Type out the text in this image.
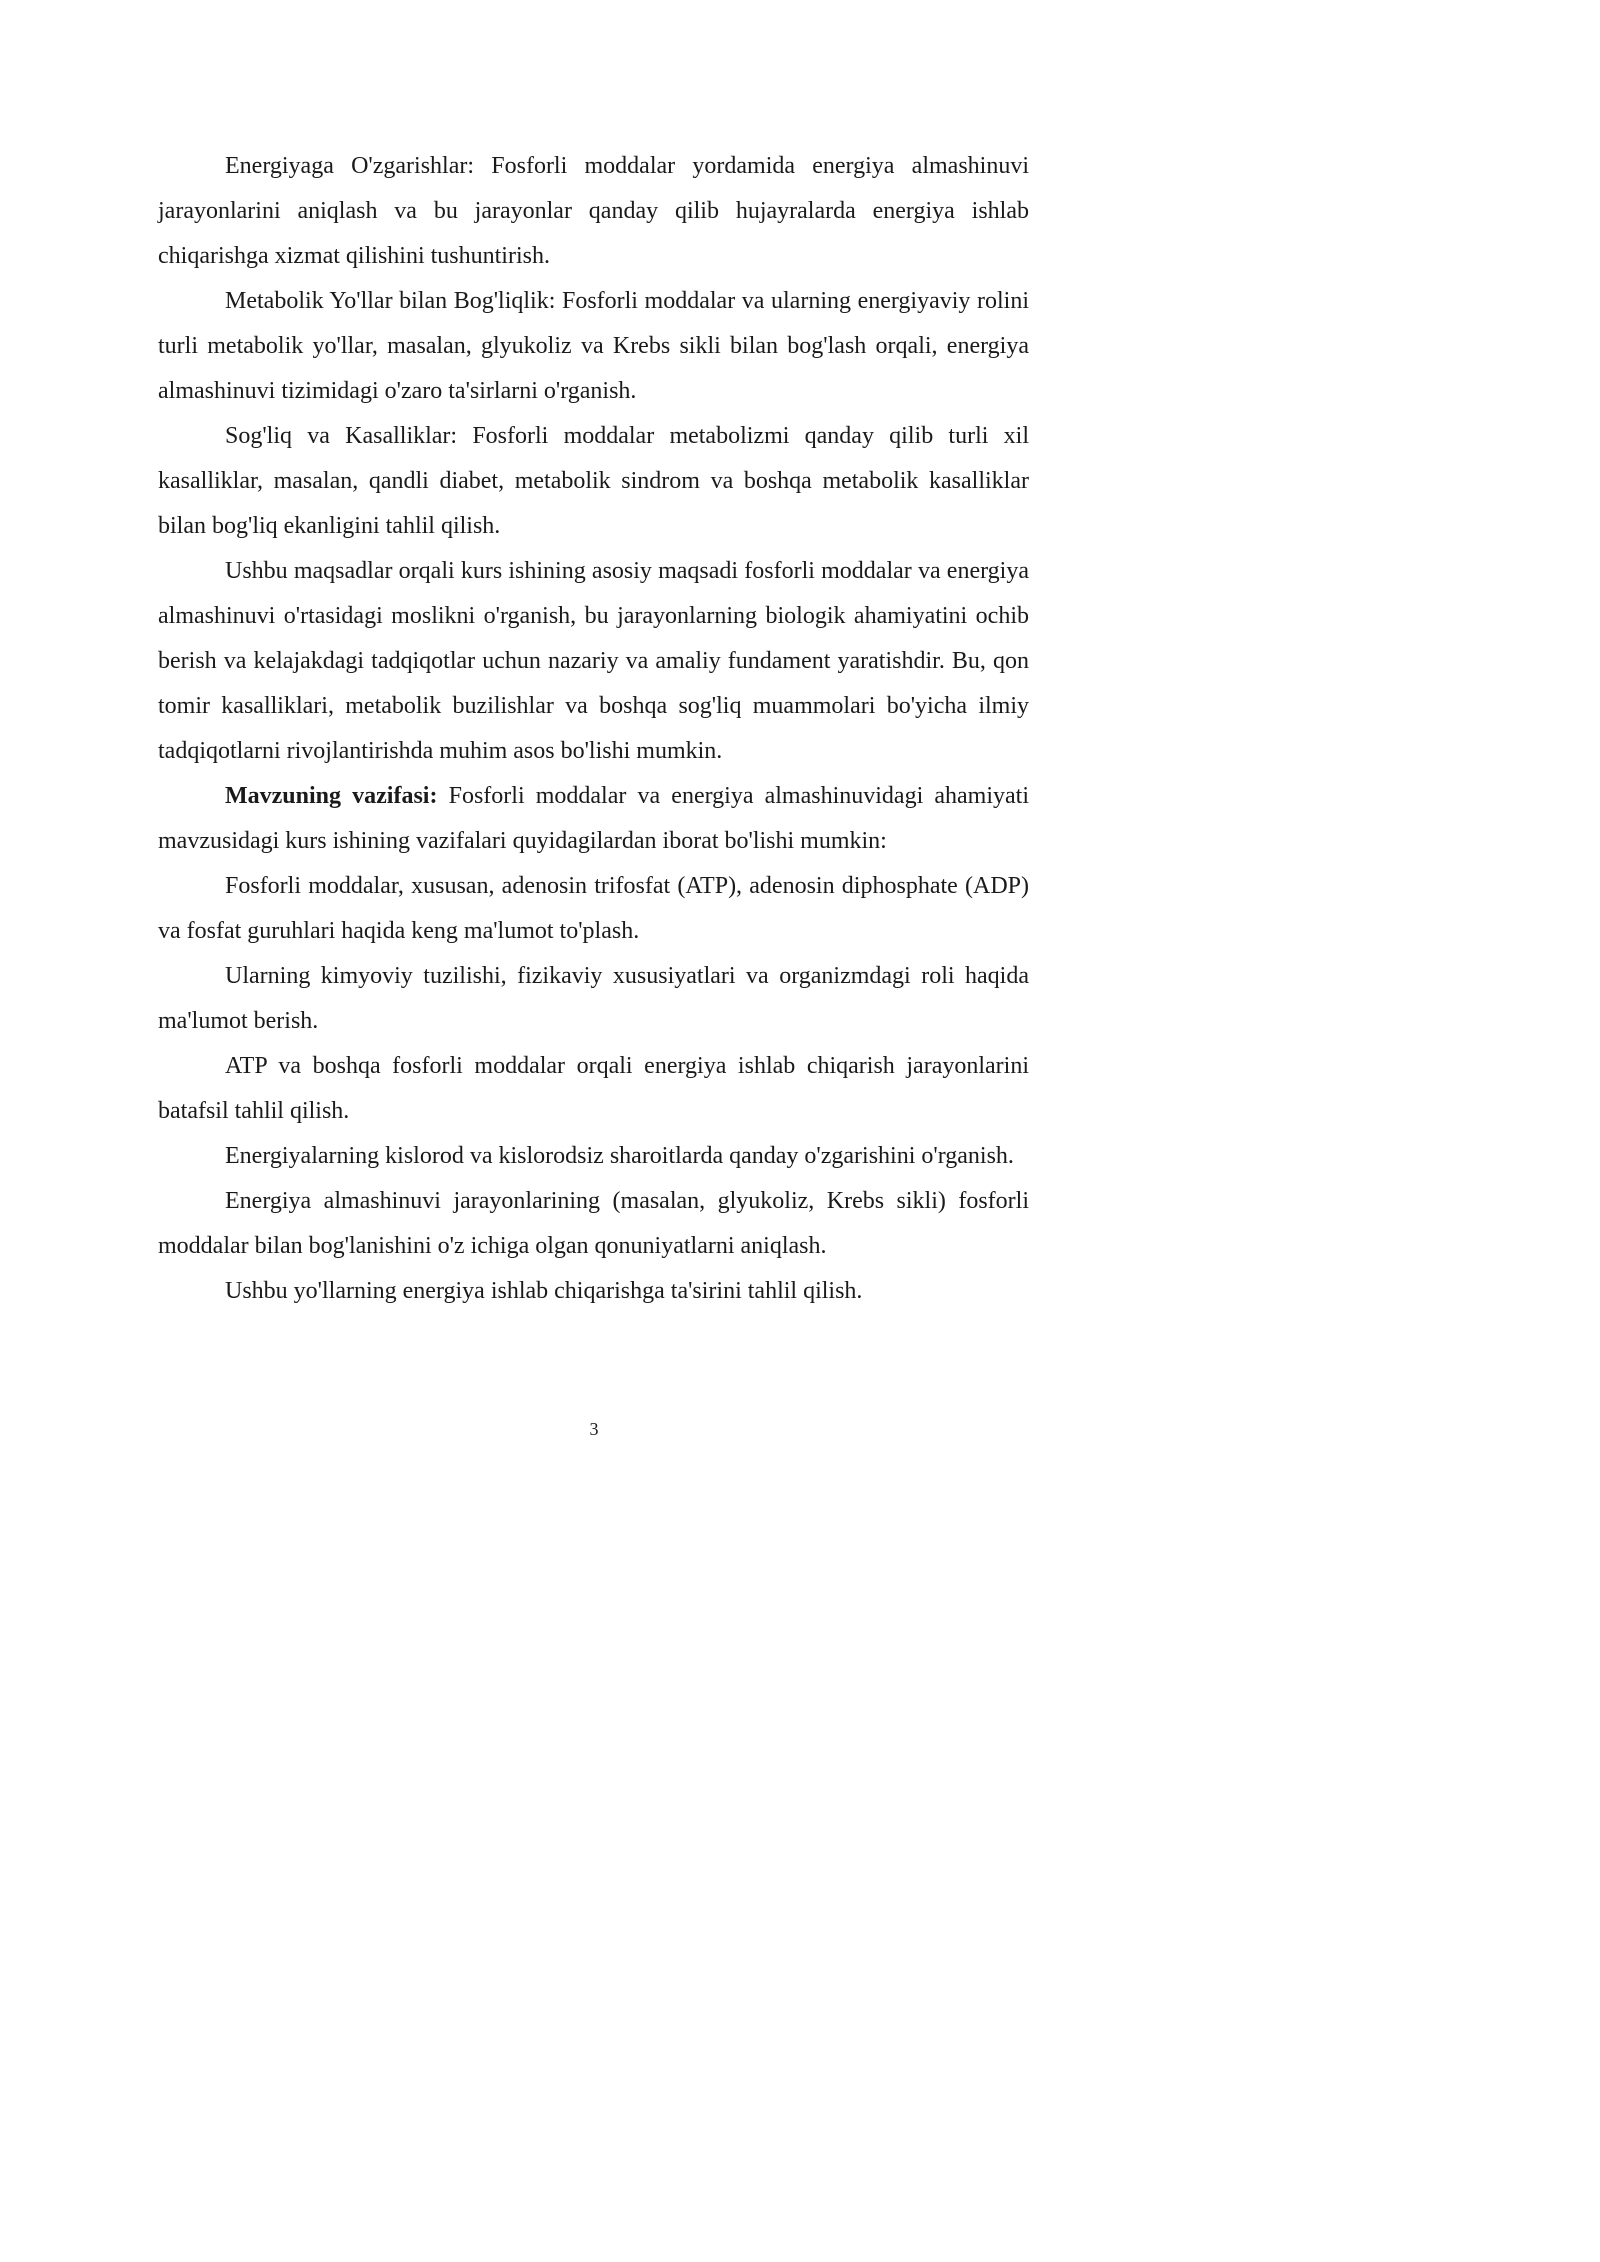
Energiyaga O'zgarishlar: Fosforli moddalar yordamida energiya almashinuvi jarayonlarini aniqlash va bu jarayonlar qanday qilib hujayralarda energiya ishlab chiqarishga xizmat qilishini tushuntirish.

Metabolik Yo'llar bilan Bog'liqlik: Fosforli moddalar va ularning energiyaviy rolini turli metabolik yo'llar, masalan, glyukoliz va Krebs sikli bilan bog'lash orqali, energiya almashinuvi tizimidagi o'zaro ta'sirlarni o'rganish.

Sog'liq va Kasalliklar: Fosforli moddalar metabolizmi qanday qilib turli xil kasalliklar, masalan, qandli diabet, metabolik sindrom va boshqa metabolik kasalliklar bilan bog'liq ekanligini tahlil qilish.

Ushbu maqsadlar orqali kurs ishining asosiy maqsadi fosforli moddalar va energiya almashinuvi o'rtasidagi moslikni o'rganish, bu jarayonlarning biologik ahamiyatini ochib berish va kelajakdagi tadqiqotlar uchun nazariy va amaliy fundament yaratishdir. Bu, qon tomir kasalliklari, metabolik buzilishlar va boshqa sog'liq muammolari bo'yicha ilmiy tadqiqotlarni rivojlantirishda muhim asos bo'lishi mumkin.

Mavzuning vazifasi: Fosforli moddalar va energiya almashinuvidagi ahamiyati mavzusidagi kurs ishining vazifalari quyidagilardan iborat bo'lishi mumkin:

Fosforli moddalar, xususan, adenosin trifosfat (ATP), adenosin diphosphate (ADP) va fosfat guruhlari haqida keng ma'lumot to'plash.

Ularning kimyoviy tuzilishi, fizikaviy xususiyatlari va organizmdagi roli haqida ma'lumot berish.

ATP va boshqa fosforli moddalar orqali energiya ishlab chiqarish jarayonlarini batafsil tahlil qilish.

Energiyalarning kislorod va kislorodsiz sharoitlarda qanday o'zgarishini o'rganish.

Energiya almashinuvi jarayonlarining (masalan, glyukoliz, Krebs sikli) fosforli moddalar bilan bog'lanishini o'z ichiga olgan qonuniyatlarni aniqlash.

Ushbu yo'llarning energiya ishlab chiqarishga ta'sirini tahlil qilish.

3
